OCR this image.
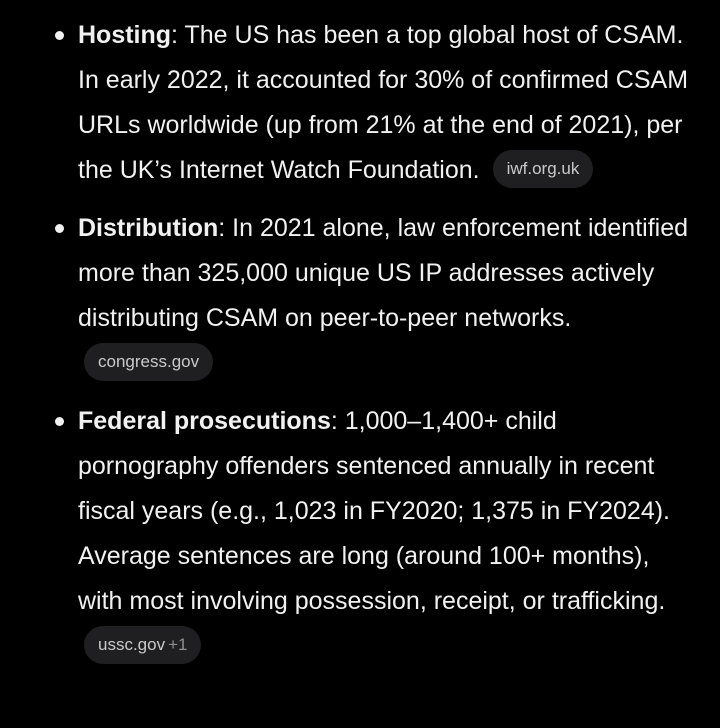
Hosting: The US has been a top global host of CSAM. In early 2022, it accounted for 30% of confirmed CSAM URLs worldwide (up from 21% at the end of 2021), per the UK’s Internet Watch Foundation. iwf.org.uk
Distribution: In 2021 alone, law enforcement identified more than 325,000 unique US IP addresses actively distributing CSAM on peer-to-peer networks. congress.gov
Federal prosecutions: 1,000–1,400+ child pornography offenders sentenced annually in recent fiscal years (e.g., 1,023 in FY2020; 1,375 in FY2024). Average sentences are long (around 100+ months), with most involving possession, receipt, or trafficking. ussc.gov +1
